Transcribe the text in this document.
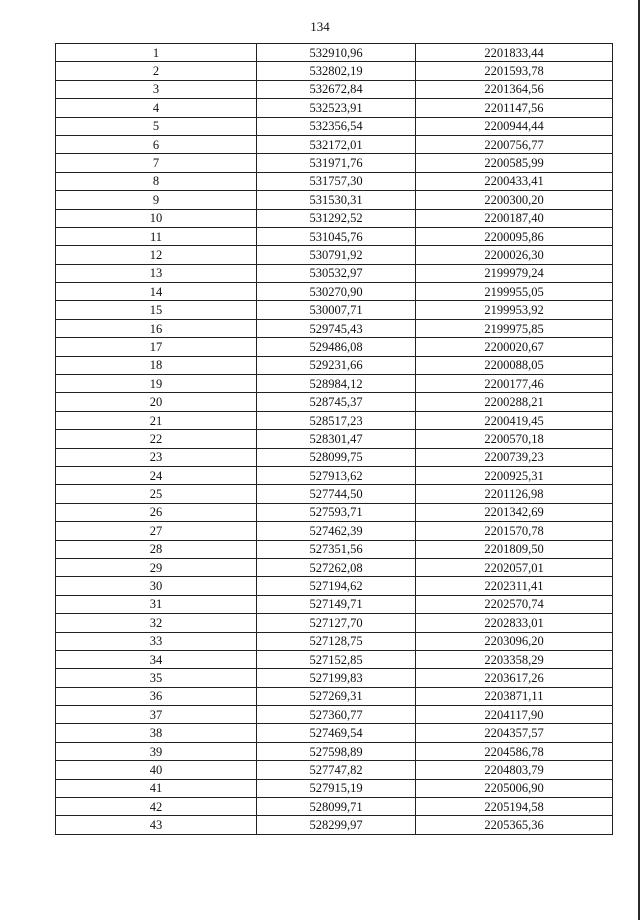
134
1	532910,96	2201833,44
2	532802,19	2201593,78
3	532672,84	2201364,56
4	532523,91	2201147,56
5	532356,54	2200944,44
6	532172,01	2200756,77
7	531971,76	2200585,99
8	531757,30	2200433,41
9	531530,31	2200300,20
10	531292,52	2200187,40
11	531045,76	2200095,86
12	530791,92	2200026,30
13	530532,97	2199979,24
14	530270,90	2199955,05
15	530007,71	2199953,92
16	529745,43	2199975,85
17	529486,08	2200020,67
18	529231,66	2200088,05
19	528984,12	2200177,46
20	528745,37	2200288,21
21	528517,23	2200419,45
22	528301,47	2200570,18
23	528099,75	2200739,23
24	527913,62	2200925,31
25	527744,50	2201126,98
26	527593,71	2201342,69
27	527462,39	2201570,78
28	527351,56	2201809,50
29	527262,08	2202057,01
30	527194,62	2202311,41
31	527149,71	2202570,74
32	527127,70	2202833,01
33	527128,75	2203096,20
34	527152,85	2203358,29
35	527199,83	2203617,26
36	527269,31	2203871,11
37	527360,77	2204117,90
38	527469,54	2204357,57
39	527598,89	2204586,78
40	527747,82	2204803,79
41	527915,19	2205006,90
42	528099,71	2205194,58
43	528299,97	2205365,36
